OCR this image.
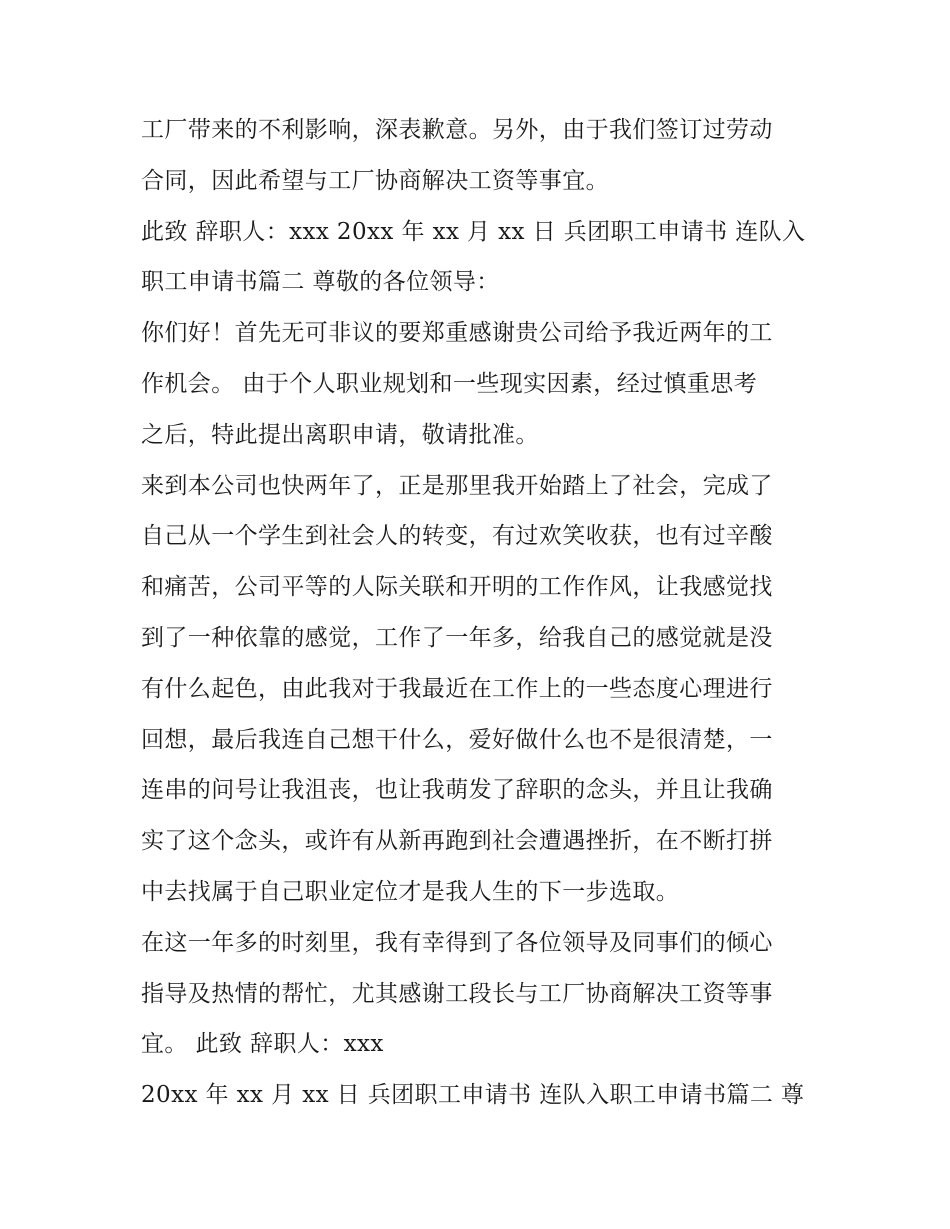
工厂带来的不利影响，深表歉意。另外，由于我们签订过劳动
合同，因此希望与工厂协商解决工资等事宜。
此致 辞职人：xxx 20xx 年 xx 月 xx 日 兵团职工申请书 连队入
职工申请书篇二 尊敬的各位领导：
你们好！首先无可非议的要郑重感谢贵公司给予我近两年的工
作机会。 由于个人职业规划和一些现实因素，经过慎重思考
之后，特此提出离职申请，敬请批准。
来到本公司也快两年了，正是那里我开始踏上了社会，完成了
自己从一个学生到社会人的转变，有过欢笑收获，也有过辛酸
和痛苦，公司平等的人际关联和开明的工作作风，让我感觉找
到了一种依靠的感觉，工作了一年多，给我自己的感觉就是没
有什么起色，由此我对于我最近在工作上的一些态度心理进行
回想，最后我连自己想干什么，爱好做什么也不是很清楚，一
连串的问号让我沮丧，也让我萌发了辞职的念头，并且让我确
实了这个念头，或许有从新再跑到社会遭遇挫折，在不断打拼
中去找属于自己职业定位才是我人生的下一步选取。
在这一年多的时刻里，我有幸得到了各位领导及同事们的倾心
指导及热情的帮忙，尤其感谢工段长与工厂协商解决工资等事
宜。 此致 辞职人：xxx
20xx 年 xx 月 xx 日 兵团职工申请书 连队入职工申请书篇二 尊
